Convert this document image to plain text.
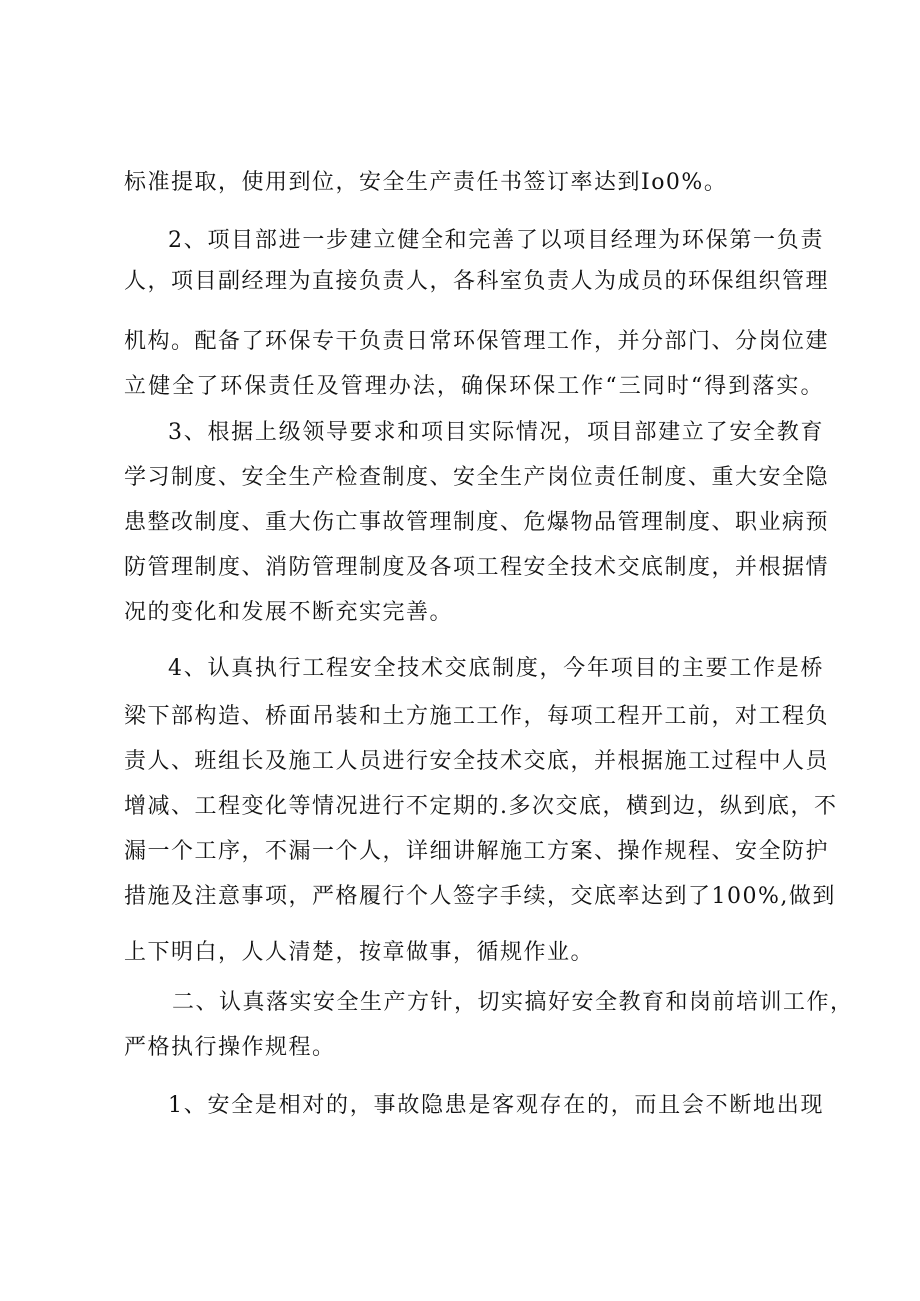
标准提取，使用到位，安全生产责任书签订率达到Io0%。
2、项目部进一步建立健全和完善了以项目经理为环保第一负责
人，项目副经理为直接负责人，各科室负责人为成员的环保组织管理
机构。配备了环保专干负责日常环保管理工作，并分部门、分岗位建
立健全了环保责任及管理办法，确保环保工作“三同时“得到落实。
3、根据上级领导要求和项目实际情况，项目部建立了安全教育
学习制度、安全生产检查制度、安全生产岗位责任制度、重大安全隐
患整改制度、重大伤亡事故管理制度、危爆物品管理制度、职业病预
防管理制度、消防管理制度及各项工程安全技术交底制度，并根据情
况的变化和发展不断充实完善。
4、认真执行工程安全技术交底制度，今年项目的主要工作是桥
梁下部构造、桥面吊装和土方施工工作，每项工程开工前，对工程负
责人、班组长及施工人员进行安全技术交底，并根据施工过程中人员
增减、工程变化等情况进行不定期的.多次交底，横到边，纵到底，不
漏一个工序，不漏一个人，详细讲解施工方案、操作规程、安全防护
措施及注意事项，严格履行个人签字手续，交底率达到了100%,做到
上下明白，人人清楚，按章做事，循规作业。
二、认真落实安全生产方针，切实搞好安全教育和岗前培训工作，
严格执行操作规程。
1、安全是相对的，事故隐患是客观存在的，而且会不断地出现
